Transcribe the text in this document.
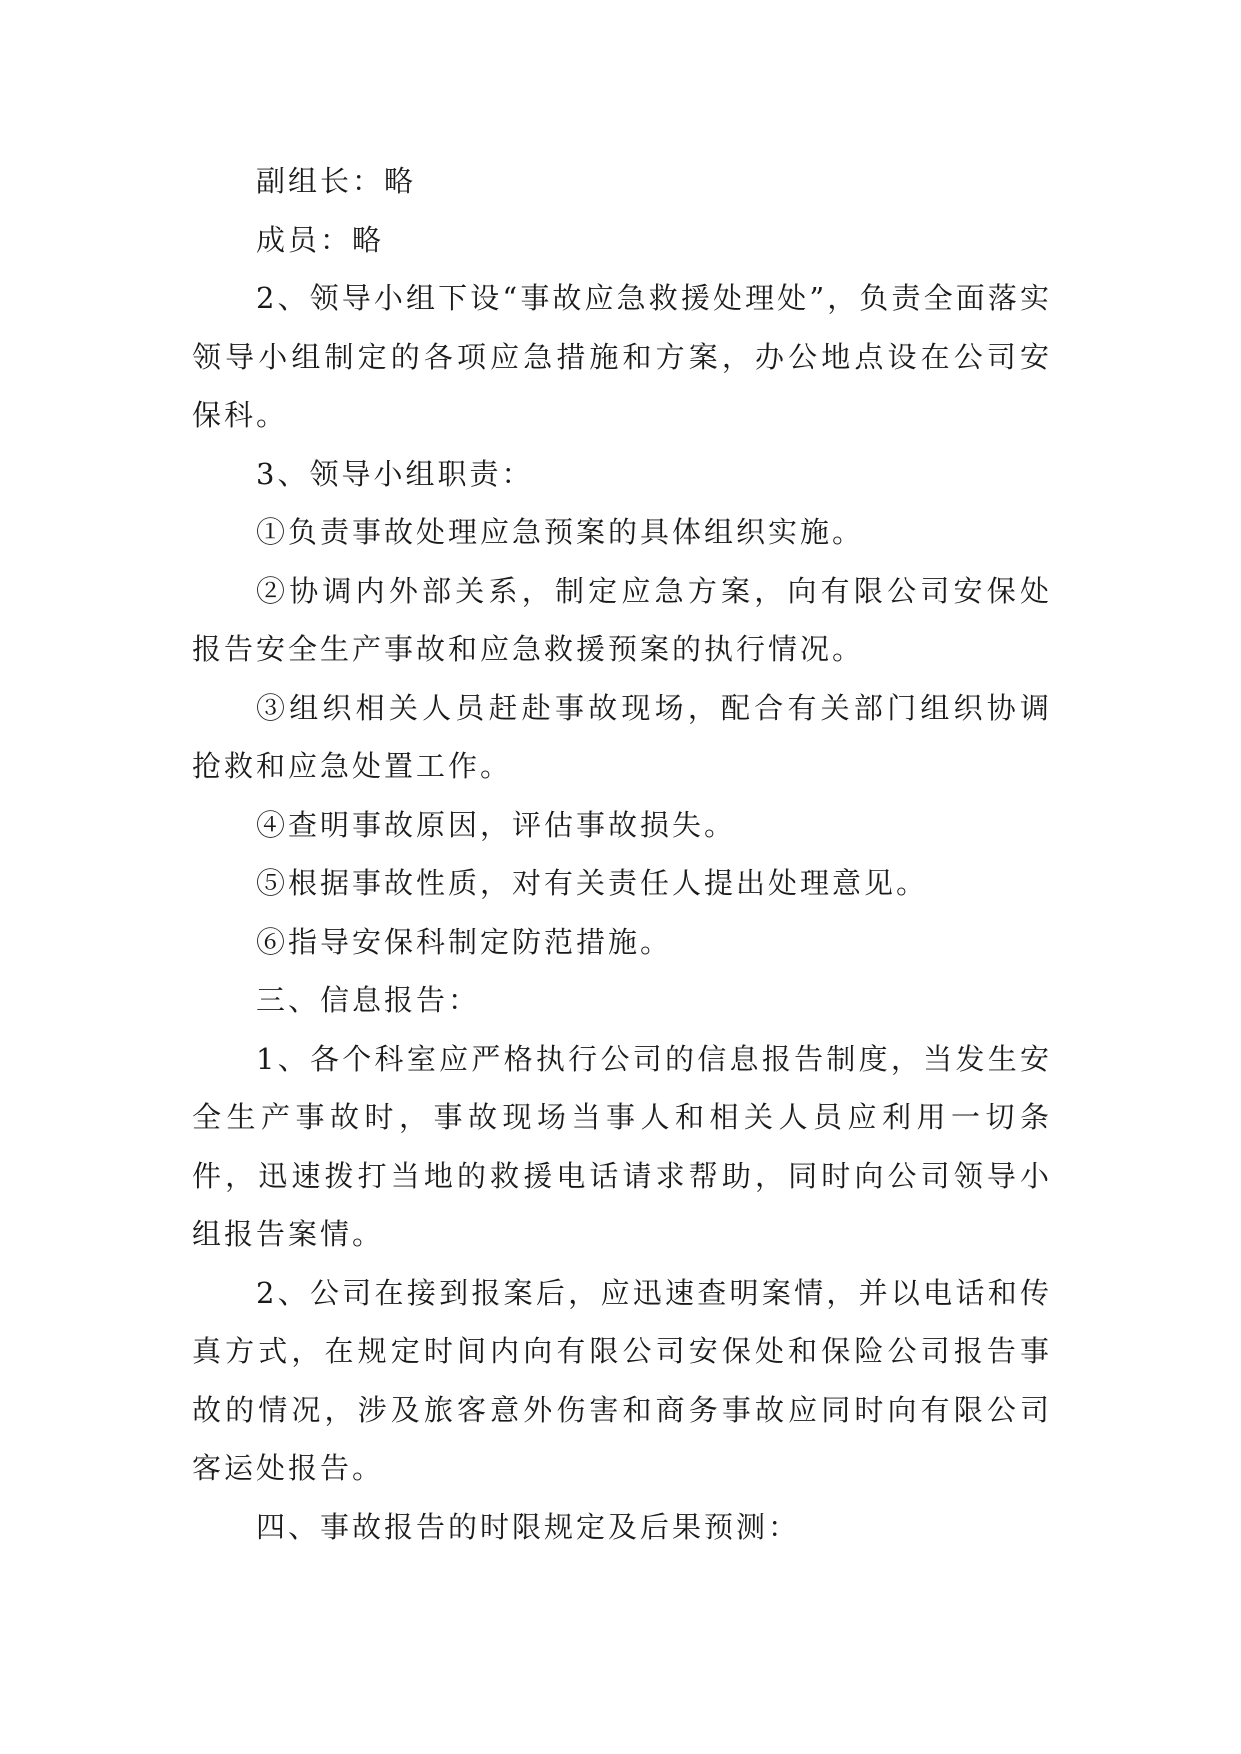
副组长：略

成员：略

2、领导小组下设“事故应急救援处理处”，负责全面落实领导小组制定的各项应急措施和方案，办公地点设在公司安保科。

3、领导小组职责：

①负责事故处理应急预案的具体组织实施。

②协调内外部关系，制定应急方案，向有限公司安保处报告安全生产事故和应急救援预案的执行情况。

③组织相关人员赶赴事故现场，配合有关部门组织协调抢救和应急处置工作。

④查明事故原因，评估事故损失。

⑤根据事故性质，对有关责任人提出处理意见。

⑥指导安保科制定防范措施。

三、信息报告：

1、各个科室应严格执行公司的信息报告制度，当发生安全生产事故时，事故现场当事人和相关人员应利用一切条件，迅速拨打当地的救援电话请求帮助，同时向公司领导小组报告案情。

2、公司在接到报案后，应迅速查明案情，并以电话和传真方式，在规定时间内向有限公司安保处和保险公司报告事故的情况，涉及旅客意外伤害和商务事故应同时向有限公司客运处报告。

四、事故报告的时限规定及后果预测：
